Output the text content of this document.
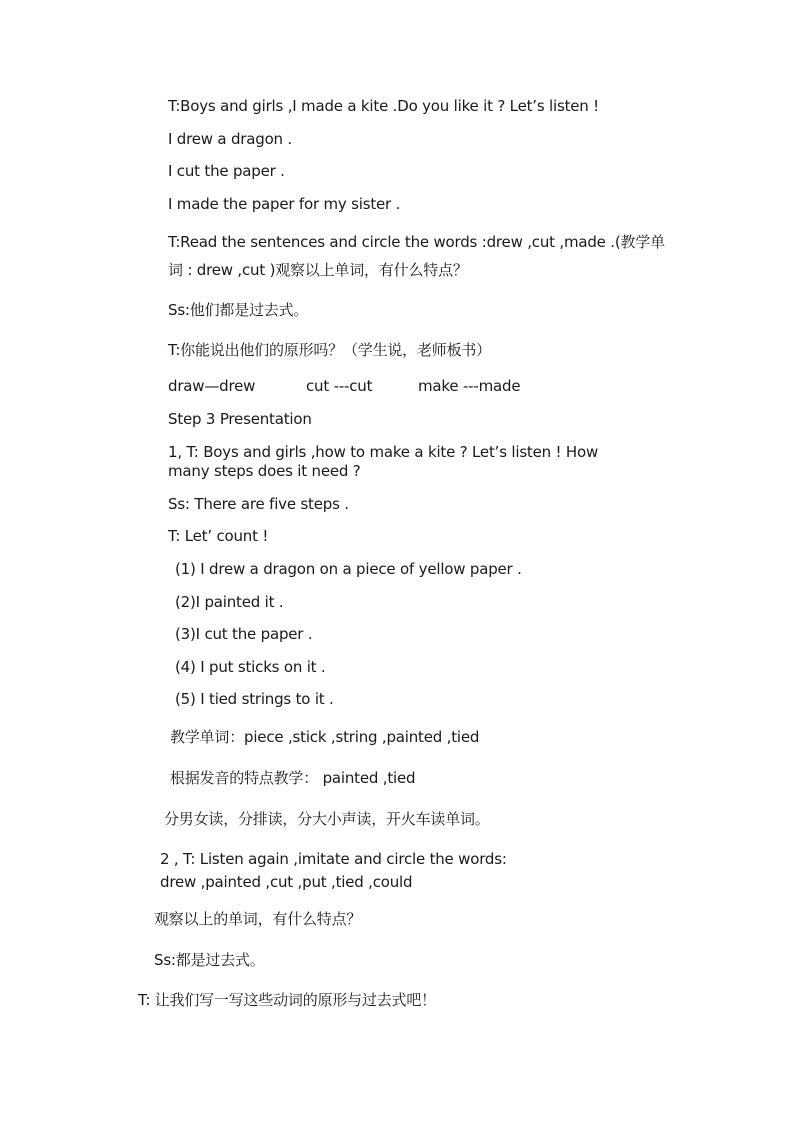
T:Boys and girls ,I made a kite .Do you like it ? Let’s listen !
I drew a dragon .
I cut the paper .
I made the paper for my sister .
T:Read the sentences and circle the words :drew ,cut ,made .(教学单词 : drew ,cut )观察以上单词，有什么特点？
Ss:他们都是过去式。
T:你能说出他们的原形吗？（学生说，老师板书）
draw—drew	cut ---cut	make ---made
Step 3 Presentation
1, T: Boys and girls ,how to make a kite ? Let’s listen ! How many steps does it need ?
Ss: There are five steps .
T: Let’ count !
(1) I drew a dragon on a piece of yellow paper .
(2)I painted it .
(3)I cut the paper .
(4) I put sticks on it .
(5) I tied strings to it .
教学单词：piece ,stick ,string ,painted ,tied
根据发音的特点教学： painted ,tied
分男女读，分排读，分大小声读，开火车读单词。
2 , T: Listen again ,imitate and circle the words:
drew ,painted ,cut ,put ,tied ,could
观察以上的单词，有什么特点？
Ss:都是过去式。
T: 让我们写一写这些动词的原形与过去式吧！
